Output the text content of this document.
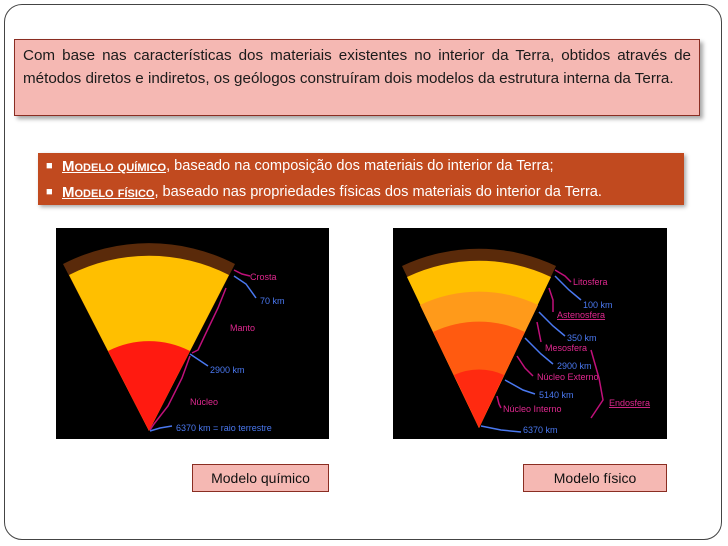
Com base nas características dos materiais existentes no interior da Terra, obtidos através de métodos diretos e indiretos, os geólogos construíram dois modelos da estrutura interna da Terra.
■ Modelo químico , baseado na composição dos materiais do interior da Terra;
■ Modelo físico , baseado nas propriedades físicas dos materiais do interior da Terra.
Crosta
70 km
Manto
2900 km
Núcleo
6370 km = raio terrestre
Litosfera
100 km
Astenosfera
350 km
Mesosfera
2900 km
Núcleo Externo
5140 km
Endosfera
Núcleo Interno
6370 km
Modelo químico	Modelo físico
